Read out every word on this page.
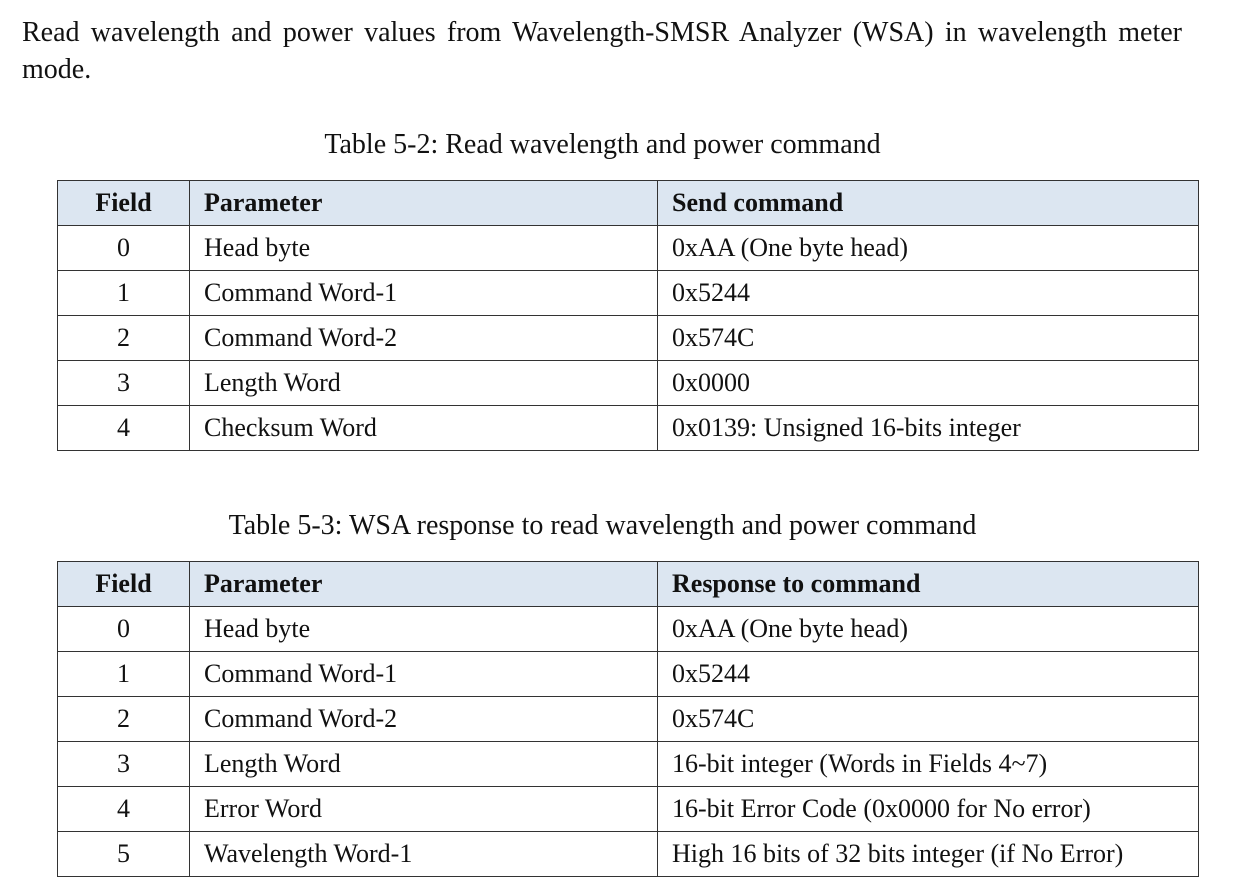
Read wavelength and power values from Wavelength-SMSR Analyzer (WSA) in wavelength meter mode.

Table 5-2: Read wavelength and power command

Field	Parameter	Send command
0	Head byte	0xAA (One byte head)
1	Command Word-1	0x5244
2	Command Word-2	0x574C
3	Length Word	0x0000
4	Checksum Word	0x0139: Unsigned 16-bits integer

Table 5-3: WSA response to read wavelength and power command

Field	Parameter	Response to command
0	Head byte	0xAA (One byte head)
1	Command Word-1	0x5244
2	Command Word-2	0x574C
3	Length Word	16-bit integer (Words in Fields 4~7)
4	Error Word	16-bit Error Code (0x0000 for No error)
5	Wavelength Word-1	High 16 bits of 32 bits integer (if No Error)
